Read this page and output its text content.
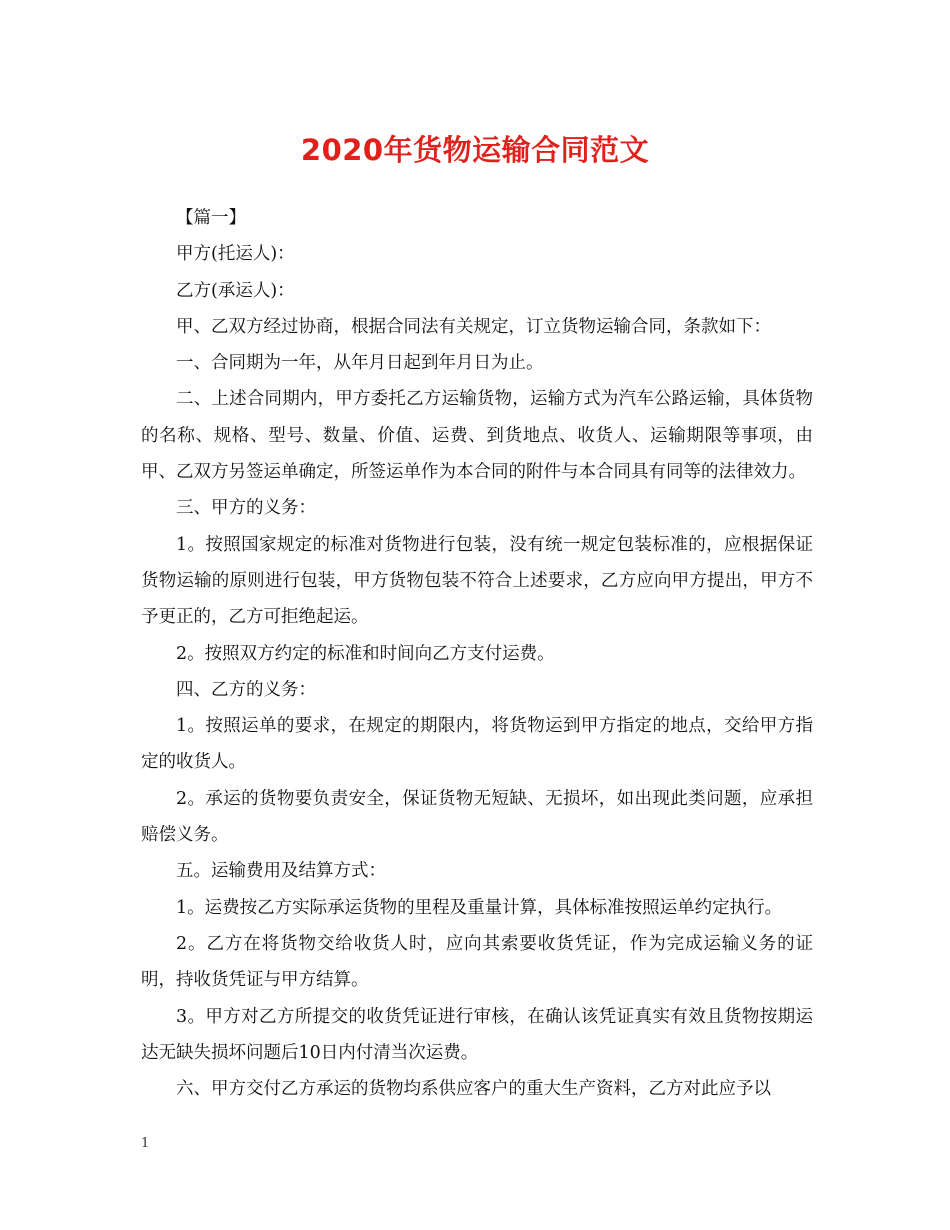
2020年货物运输合同范文

【篇一】

甲方(托运人)：

乙方(承运人)：

甲、乙双方经过协商，根据合同法有关规定，订立货物运输合同，条款如下：

一、合同期为一年，从年月日起到年月日为止。

二、上述合同期内，甲方委托乙方运输货物，运输方式为汽车公路运输，具体货物的名称、规格、型号、数量、价值、运费、到货地点、收货人、运输期限等事项，由甲、乙双方另签运单确定，所签运单作为本合同的附件与本合同具有同等的法律效力。

三、甲方的义务：

1。按照国家规定的标准对货物进行包装，没有统一规定包装标准的，应根据保证货物运输的原则进行包装，甲方货物包装不符合上述要求，乙方应向甲方提出，甲方不予更正的，乙方可拒绝起运。

2。按照双方约定的标准和时间向乙方支付运费。

四、乙方的义务：

1。按照运单的要求，在规定的期限内，将货物运到甲方指定的地点，交给甲方指定的收货人。

2。承运的货物要负责安全，保证货物无短缺、无损坏，如出现此类问题，应承担赔偿义务。

五。运输费用及结算方式：

1。运费按乙方实际承运货物的里程及重量计算，具体标准按照运单约定执行。

2。乙方在将货物交给收货人时，应向其索要收货凭证，作为完成运输义务的证明，持收货凭证与甲方结算。

3。甲方对乙方所提交的收货凭证进行审核，在确认该凭证真实有效且货物按期运达无缺失损坏问题后10日内付清当次运费。

六、甲方交付乙方承运的货物均系供应客户的重大生产资料，乙方对此应予以

1
